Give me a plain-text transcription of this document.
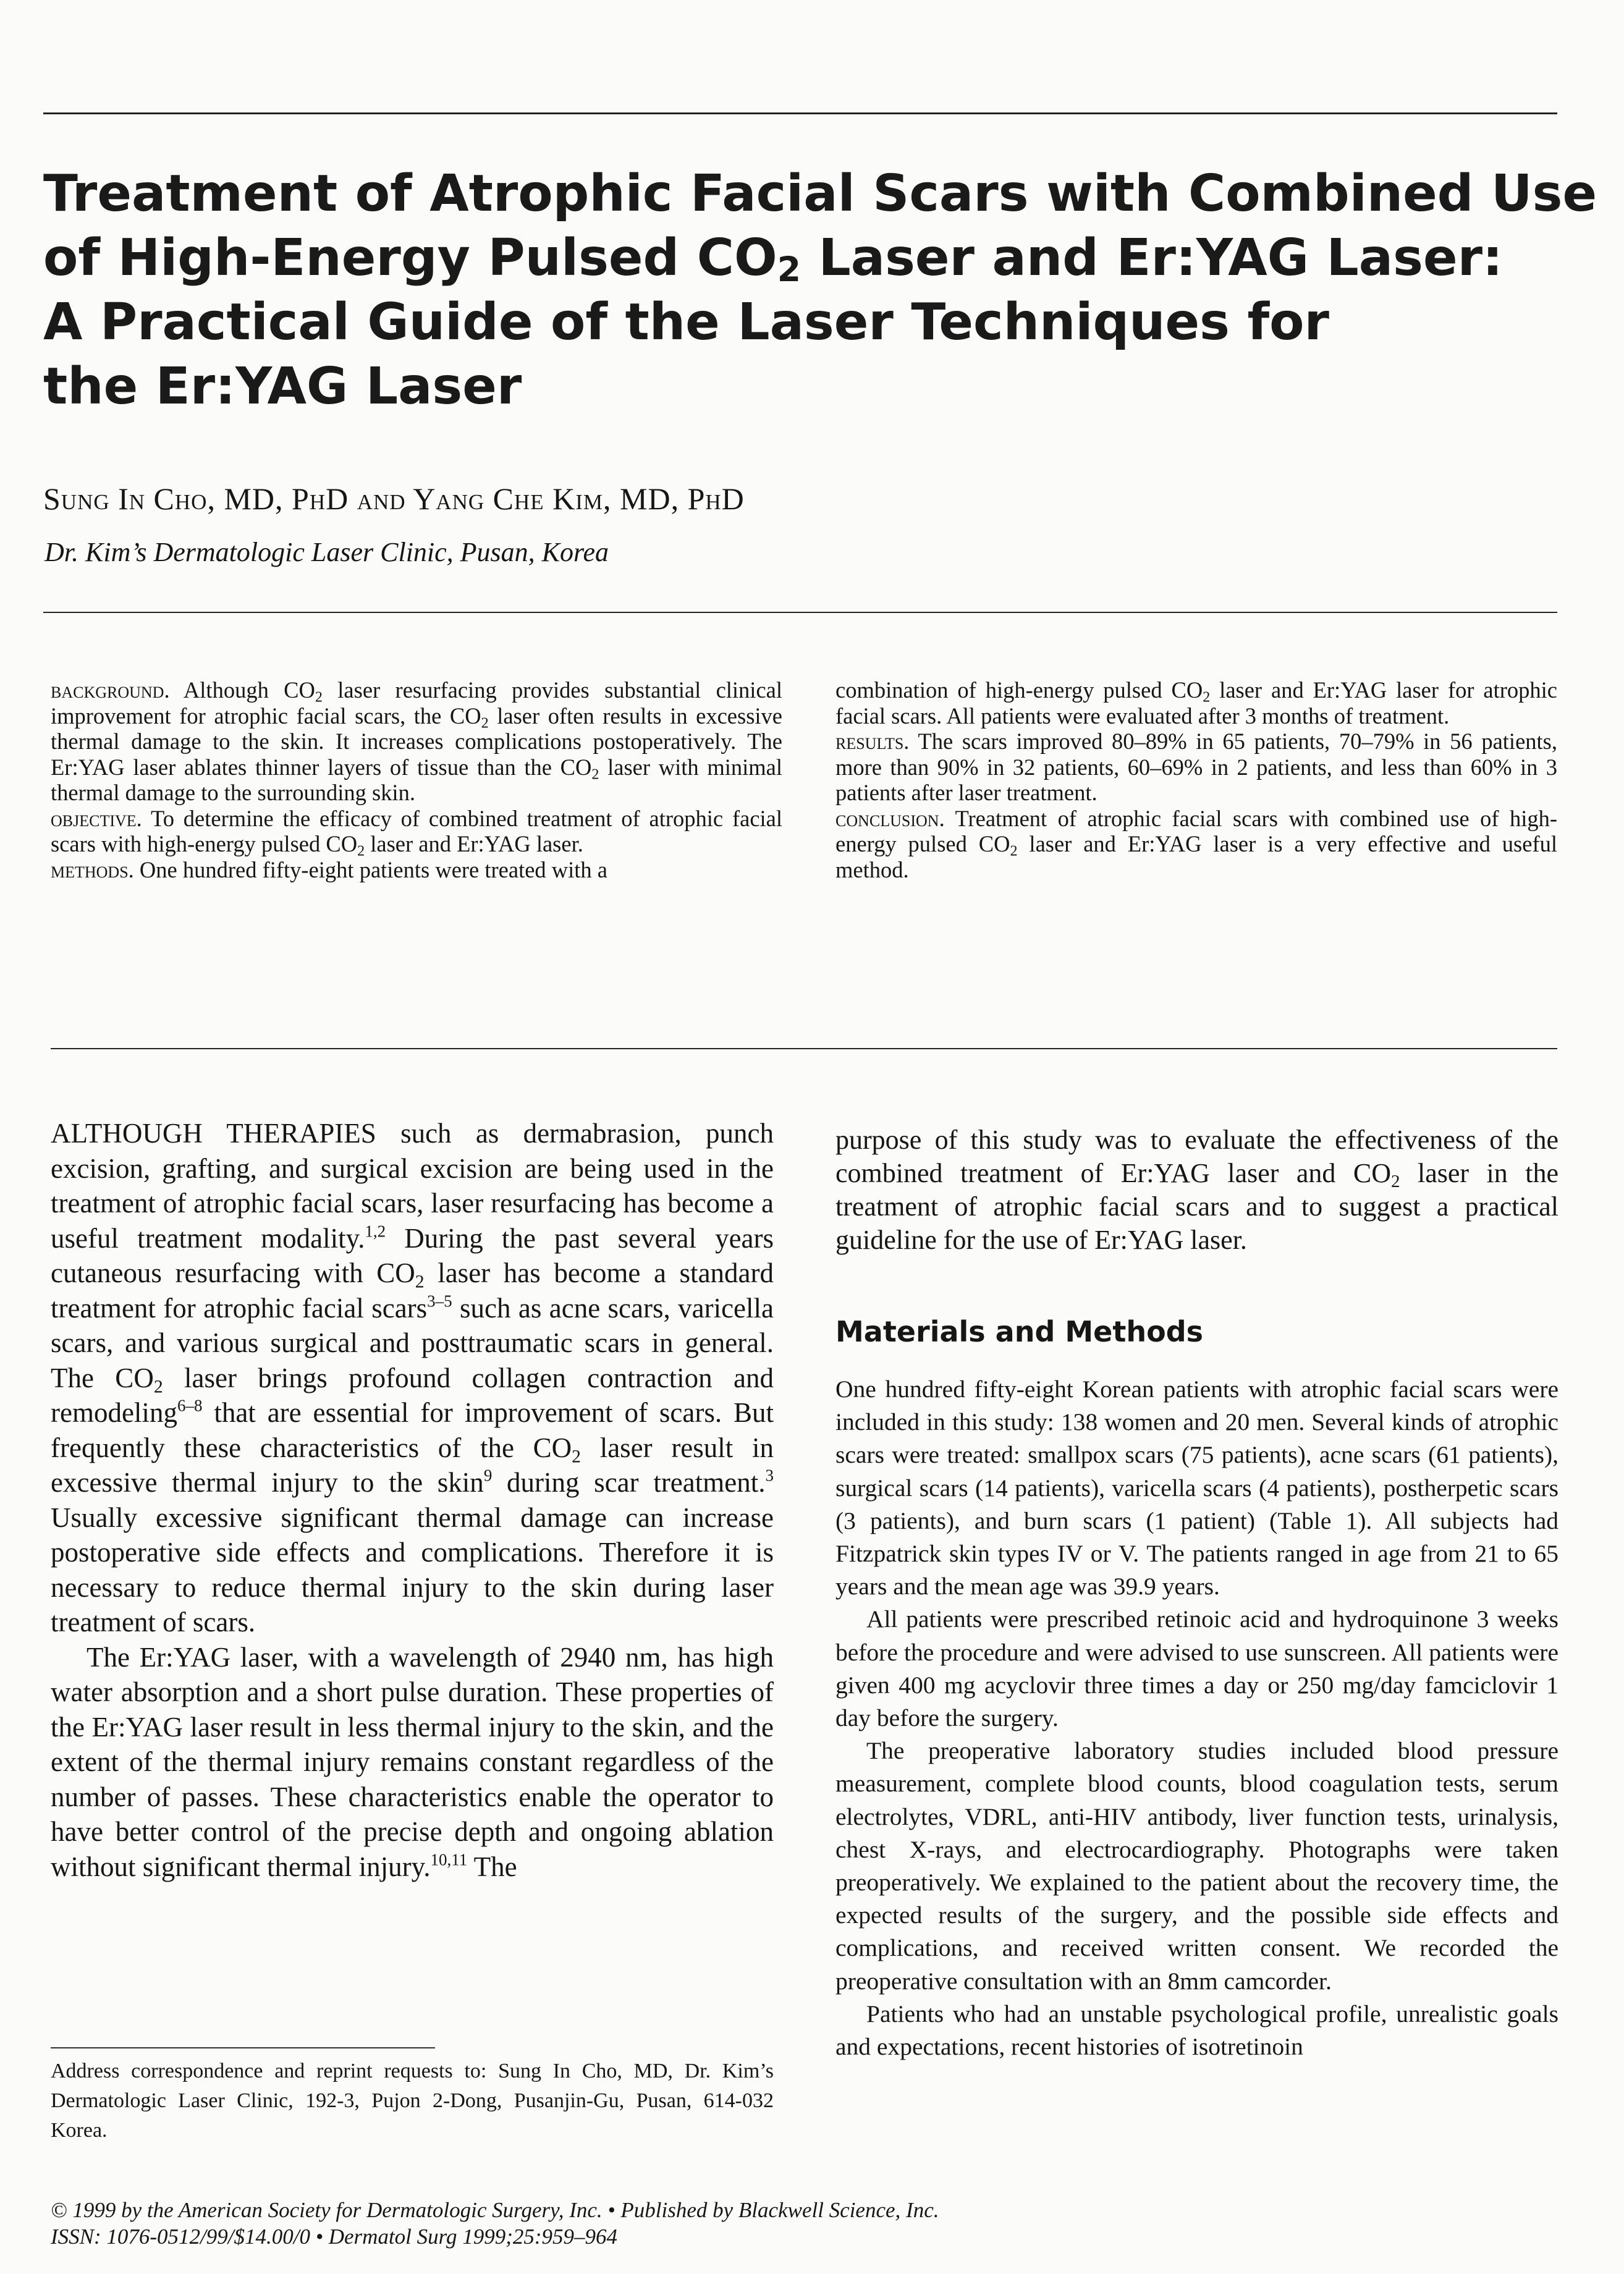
Treatment of Atrophic Facial Scars with Combined Use
of High-Energy Pulsed $CO_2$ Laser and Er:YAG Laser:
A Practical Guide of the Laser Techniques for
the Er:YAG Laser
Sung In Cho, MD, PhD and Yang Che Kim, MD, PhD
Dr. Kim’s Dermatologic Laser Clinic, Pusan, Korea

background. Although $CO_2$ laser resurfacing provides substantial clinical improvement for atrophic facial scars, the $CO_2$ laser often results in excessive thermal damage to the skin. It increases complications postoperatively. The Er:YAG laser ablates thinner layers of tissue than the $CO_2$ laser with minimal thermal damage to the surrounding skin.

objective. To determine the efficacy of combined treatment of atrophic facial scars with high-energy pulsed $CO_2$ laser and Er:YAG laser.

methods. One hundred fifty-eight patients were treated with a

combination of high-energy pulsed $CO_2$ laser and Er:YAG laser for atrophic facial scars. All patients were evaluated after 3 months of treatment.

results. The scars improved 80–89% in 65 patients, 70–79% in 56 patients, more than 90% in 32 patients, 60–69% in 2 patients, and less than 60% in 3 patients after laser treatment.

conclusion. Treatment of atrophic facial scars with combined use of high-energy pulsed $CO_2$ laser and Er:YAG laser is a very effective and useful method.

ALTHOUGH THERAPIES such as dermabrasion, punch excision, grafting, and surgical excision are being used in the treatment of atrophic facial scars, laser resurfacing has become a useful treatment modality.$^{1,2}$ During the past several years cutaneous resurfacing with $CO_2$ laser has become a standard treatment for atrophic facial scars$^{3-5}$ such as acne scars, varicella scars, and various surgical and posttraumatic scars in general. The $CO_2$ laser brings profound collagen contraction and remodeling$^{6-8}$ that are essential for improvement of scars. But frequently these characteristics of the $CO_2$ laser result in excessive thermal injury to the skin$^9$ during scar treatment.$^3$ Usually excessive significant thermal damage can increase postoperative side effects and complications. Therefore it is necessary to reduce thermal injury to the skin during laser treatment of scars.

The Er:YAG laser, with a wavelength of 2940 nm, has high water absorption and a short pulse duration. These properties of the Er:YAG laser result in less thermal injury to the skin, and the extent of the thermal injury remains constant regardless of the number of passes. These characteristics enable the operator to have better control of the precise depth and ongoing ablation without significant thermal injury.$^{10,11}$ The

purpose of this study was to evaluate the effectiveness of the combined treatment of Er:YAG laser and $CO_2$ laser in the treatment of atrophic facial scars and to suggest a practical guideline for the use of Er:YAG laser.

Materials and Methods

One hundred fifty-eight Korean patients with atrophic facial scars were included in this study: 138 women and 20 men. Several kinds of atrophic scars were treated: smallpox scars (75 patients), acne scars (61 patients), surgical scars (14 patients), varicella scars (4 patients), postherpetic scars (3 patients), and burn scars (1 patient) (Table 1). All subjects had Fitzpatrick skin types IV or V. The patients ranged in age from 21 to 65 years and the mean age was 39.9 years.

All patients were prescribed retinoic acid and hydroquinone 3 weeks before the procedure and were advised to use sunscreen. All patients were given 400 mg acyclovir three times a day or 250 mg/day famciclovir 1 day before the surgery.

The preoperative laboratory studies included blood pressure measurement, complete blood counts, blood coagulation tests, serum electrolytes, VDRL, anti-HIV antibody, liver function tests, urinalysis, chest X-rays, and electrocardiography. Photographs were taken preoperatively. We explained to the patient about the recovery time, the expected results of the surgery, and the possible side effects and complications, and received written consent. We recorded the preoperative consultation with an 8mm camcorder.

Patients who had an unstable psychological profile, unrealistic goals and expectations, recent histories of isotretinoin

Address correspondence and reprint requests to: Sung In Cho, MD, Dr. Kim’s Dermatologic Laser Clinic, 192-3, Pujon 2-Dong, Pusanjin-Gu, Pusan, 614-032 Korea.
© 1999 by the American Society for Dermatologic Surgery, Inc. • Published by Blackwell Science, Inc.
ISSN: 1076-0512/99/$14.00/0 • Dermatol Surg 1999;25:959–964
